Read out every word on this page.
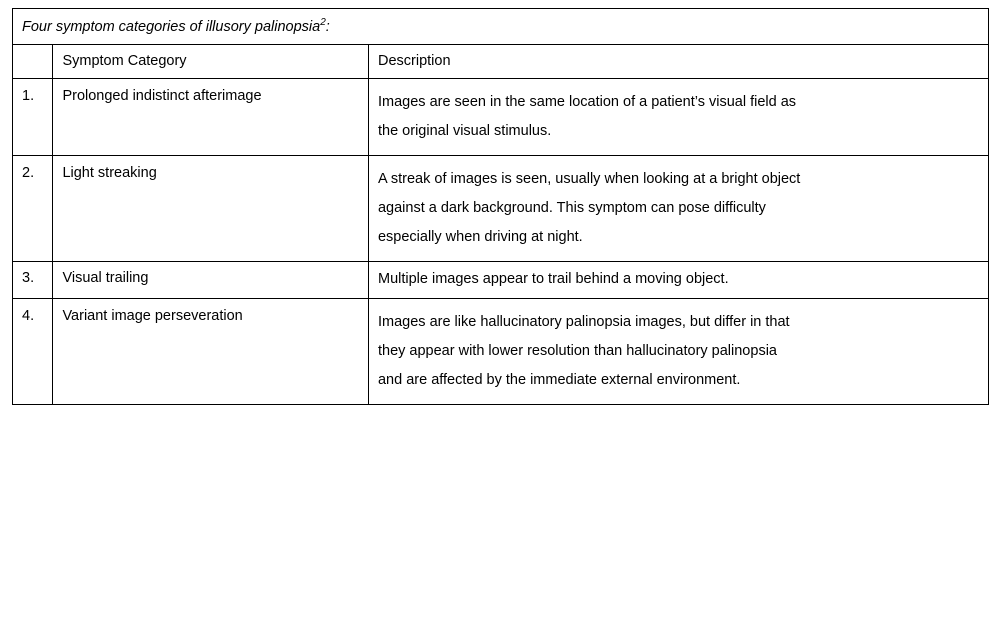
Four symptom categories of illusory palinopsia$^2$:		
	Symptom Category	Description
1.	Prolonged indistinct afterimage	Images are seen in the same location of a patient’s visual field as

the original visual stimulus.

2.	Light streaking	A streak of images is seen, usually when looking at a bright object

against a dark background. This symptom can pose difficulty

especially when driving at night.

3.	Visual trailing	Multiple images appear to trail behind a moving object.

4.	Variant image perseveration	Images are like hallucinatory palinopsia images, but differ in that

they appear with lower resolution than hallucinatory palinopsia

and are affected by the immediate external environment.
